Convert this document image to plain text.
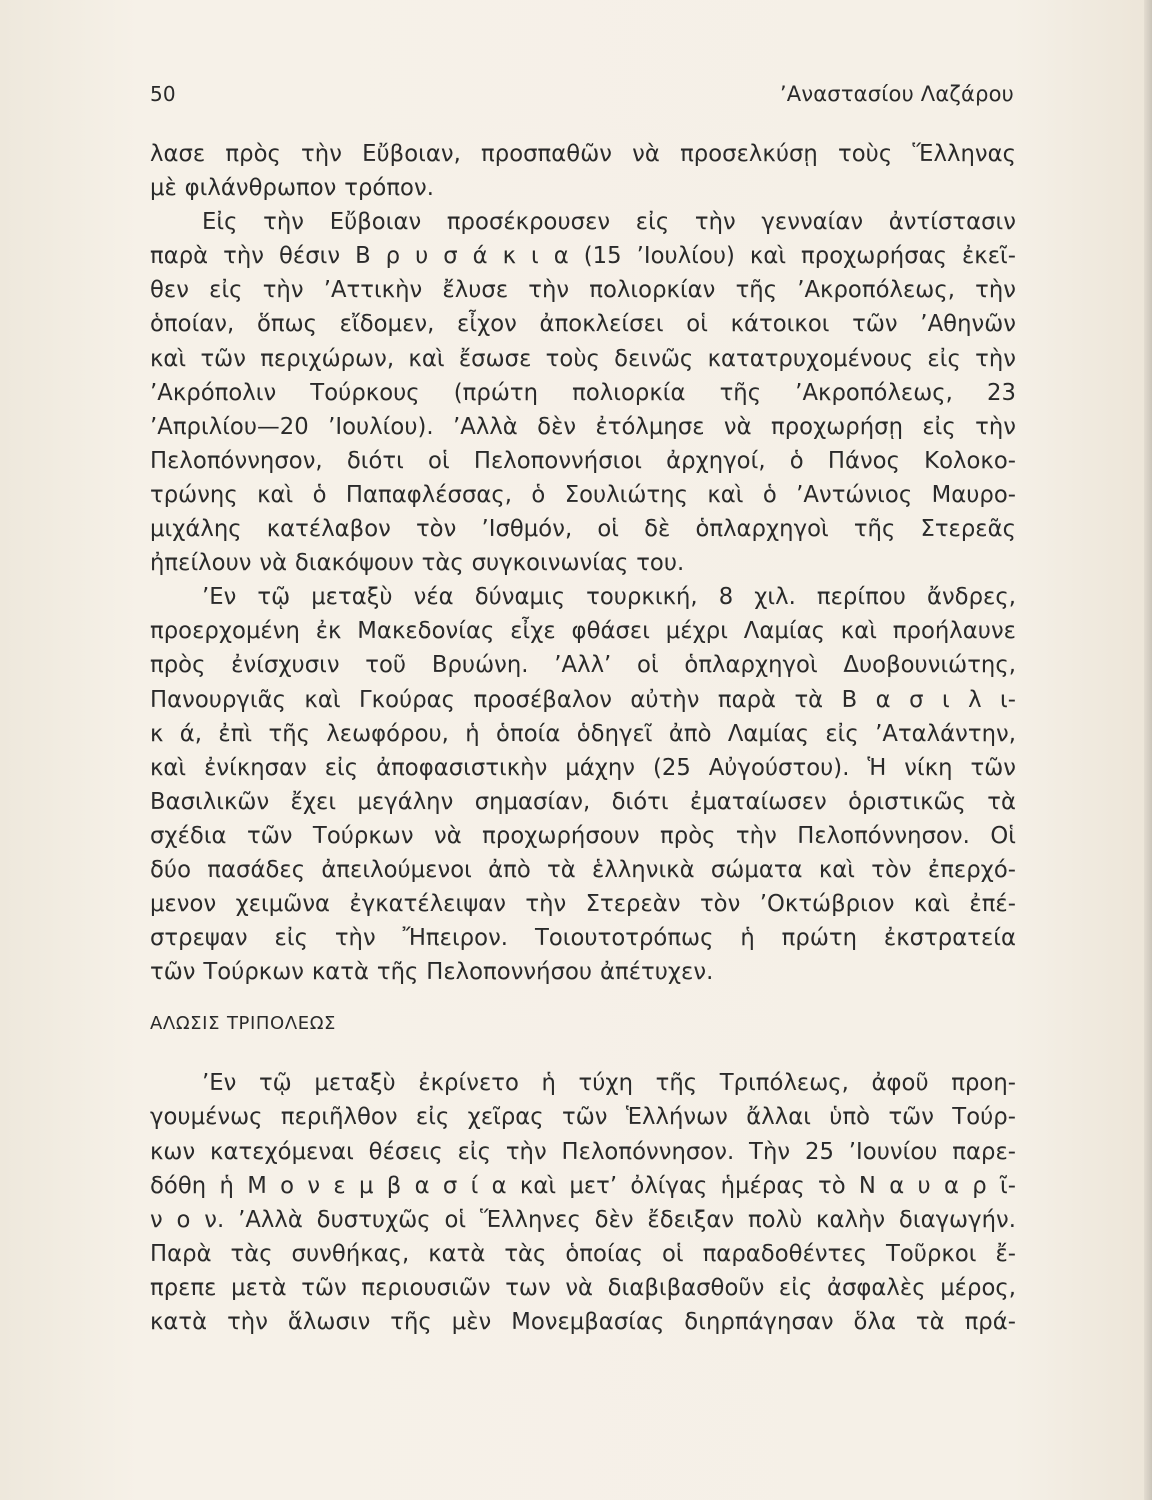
50	’Αναστασίου Λαζάρου
λασε πρὸς τὴν Εὔβοιαν, προσπαθῶν νὰ προσελκύσῃ τοὺς Ἕλληνας
μὲ φιλάνθρωπον τρόπον.
Εἰς τὴν Εὔβοιαν προσέκρουσεν εἰς τὴν γενναίαν ἀντίστασιν
παρὰ τὴν θέσιν Β ρ υ σ ά κ ι α (15 ’Ιουλίου) καὶ προχωρήσας ἐκεῖ-
θεν εἰς τὴν ’Αττικὴν ἔλυσε τὴν πολιορκίαν τῆς ’Ακροπόλεως, τὴν
ὁποίαν, ὅπως εἴδομεν, εἶχον ἀποκλείσει οἱ κάτοικοι τῶν ’Αθηνῶν
καὶ τῶν περιχώρων, καὶ ἔσωσε τοὺς δεινῶς κατατρυχομένους εἰς τὴν
’Ακρόπολιν Τούρκους (πρώτη πολιορκία τῆς ’Ακροπόλεως, 23
’Απριλίου—20 ’Ιουλίου). ’Αλλὰ δὲν ἐτόλμησε νὰ προχωρήσῃ εἰς τὴν
Πελοπόννησον, διότι οἱ Πελοποννήσιοι ἀρχηγοί, ὁ Πάνος Κολοκο-
τρώνης καὶ ὁ Παπαφλέσσας, ὁ Σουλιώτης καὶ ὁ ’Αντώνιος Μαυρο-
μιχάλης κατέλαβον τὸν ’Ισθμόν, οἱ δὲ ὁπλαρχηγοὶ τῆς Στερεᾶς
ἠπείλουν νὰ διακόψουν τὰς συγκοινωνίας του.
’Εν τῷ μεταξὺ νέα δύναμις τουρκική, 8 χιλ. περίπου ἄνδρες,
προερχομένη ἐκ Μακεδονίας εἶχε φθάσει μέχρι Λαμίας καὶ προήλαυνε
πρὸς ἐνίσχυσιν τοῦ Βρυώνη. ’Αλλ’ οἱ ὁπλαρχηγοὶ Δυοβουνιώτης,
Πανουργιᾶς καὶ Γκούρας προσέβαλον αὐτὴν παρὰ τὰ Β α σ ι λ ι-
κ ά, ἐπὶ τῆς λεωφόρου, ἡ ὁποία ὁδηγεῖ ἀπὸ Λαμίας εἰς ’Αταλάντην,
καὶ ἐνίκησαν εἰς ἀποφασιστικὴν μάχην (25 Αὐγούστου). Ἡ νίκη τῶν
Βασιλικῶν ἔχει μεγάλην σημασίαν, διότι ἐματαίωσεν ὁριστικῶς τὰ
σχέδια τῶν Τούρκων νὰ προχωρήσουν πρὸς τὴν Πελοπόννησον. Οἱ
δύο πασάδες ἀπειλούμενοι ἀπὸ τὰ ἑλληνικὰ σώματα καὶ τὸν ἐπερχό-
μενον χειμῶνα ἐγκατέλειψαν τὴν Στερεὰν τὸν ’Οκτώβριον καὶ ἐπέ-
στρεψαν εἰς τὴν Ἤπειρον. Τοιουτοτρόπως ἡ πρώτη ἐκστρατεία
τῶν Τούρκων κατὰ τῆς Πελοποννήσου ἀπέτυχεν.
ΑΛΩΣΙΣ ΤΡΙΠΟΛΕΩΣ
’Εν τῷ μεταξὺ ἐκρίνετο ἡ τύχη τῆς Τριπόλεως, ἀφοῦ προη-
γουμένως περιῆλθον εἰς χεῖρας τῶν Ἑλλήνων ἄλλαι ὑπὸ τῶν Τούρ-
κων κατεχόμεναι θέσεις εἰς τὴν Πελοπόννησον. Τὴν 25 ’Ιουνίου παρε-
δόθη ἡ Μ ο ν ε μ β α σ ί α καὶ μετ’ ὀλίγας ἡμέρας τὸ Ν α υ α ρ ῖ-
ν ο ν. ’Αλλὰ δυστυχῶς οἱ Ἕλληνες δὲν ἔδειξαν πολὺ καλὴν διαγωγήν.
Παρὰ τὰς συνθήκας, κατὰ τὰς ὁποίας οἱ παραδοθέντες Τοῦρκοι ἔ-
πρεπε μετὰ τῶν περιουσιῶν των νὰ διαβιβασθοῦν εἰς ἀσφαλὲς μέρος,
κατὰ τὴν ἅλωσιν τῆς μὲν Μονεμβασίας διηρπάγησαν ὅλα τὰ πρά-
